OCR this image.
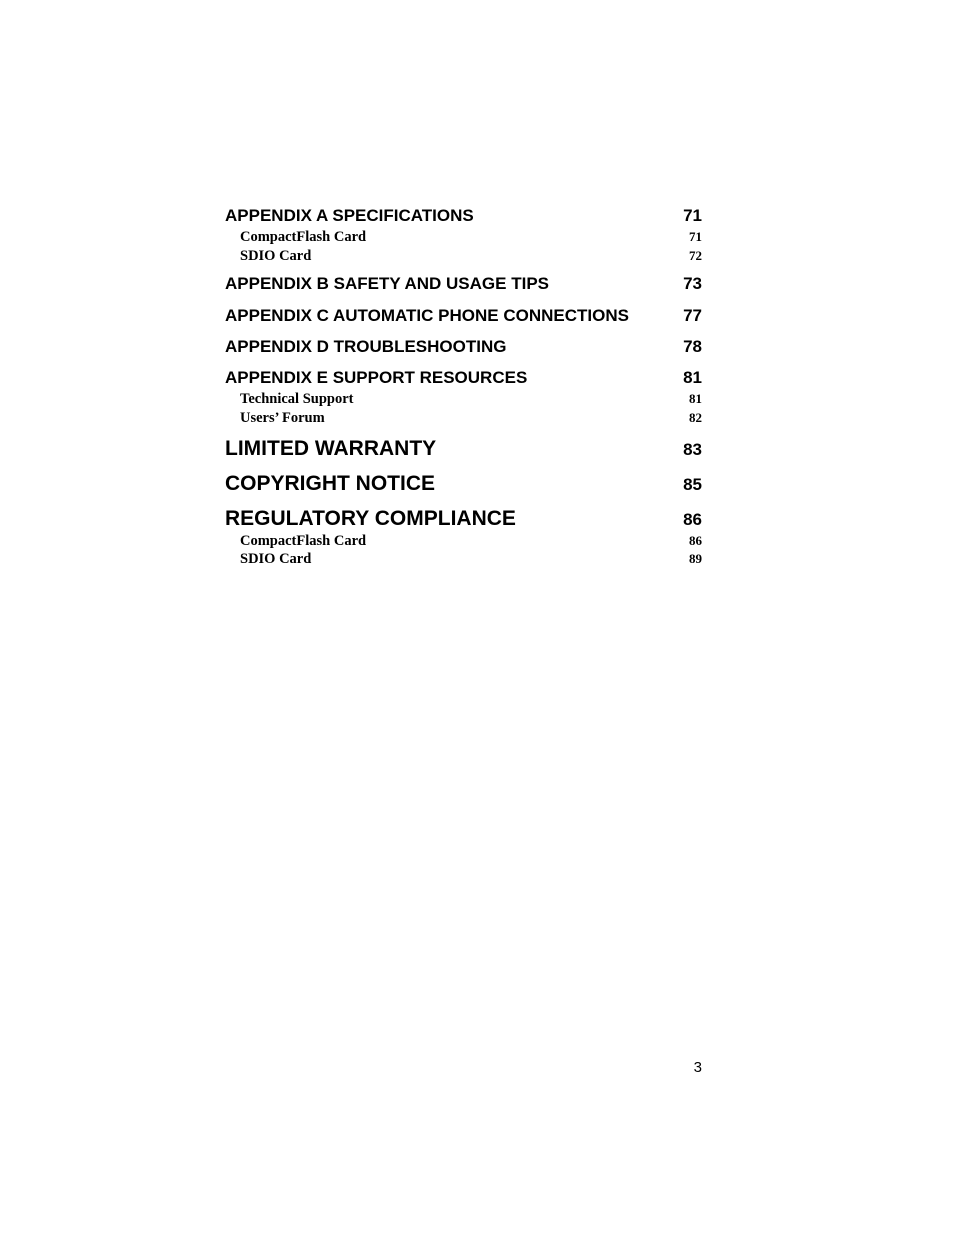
APPENDIX A SPECIFICATIONS	71
CompactFlash Card	71
SDIO Card	72
APPENDIX B SAFETY AND USAGE TIPS	73
APPENDIX C AUTOMATIC PHONE CONNECTIONS	77
APPENDIX D TROUBLESHOOTING	78
APPENDIX E SUPPORT RESOURCES	81
Technical Support	81
Users’ Forum	82
LIMITED WARRANTY	83
COPYRIGHT NOTICE	85
REGULATORY COMPLIANCE	86
CompactFlash Card	86
SDIO Card	89
3
